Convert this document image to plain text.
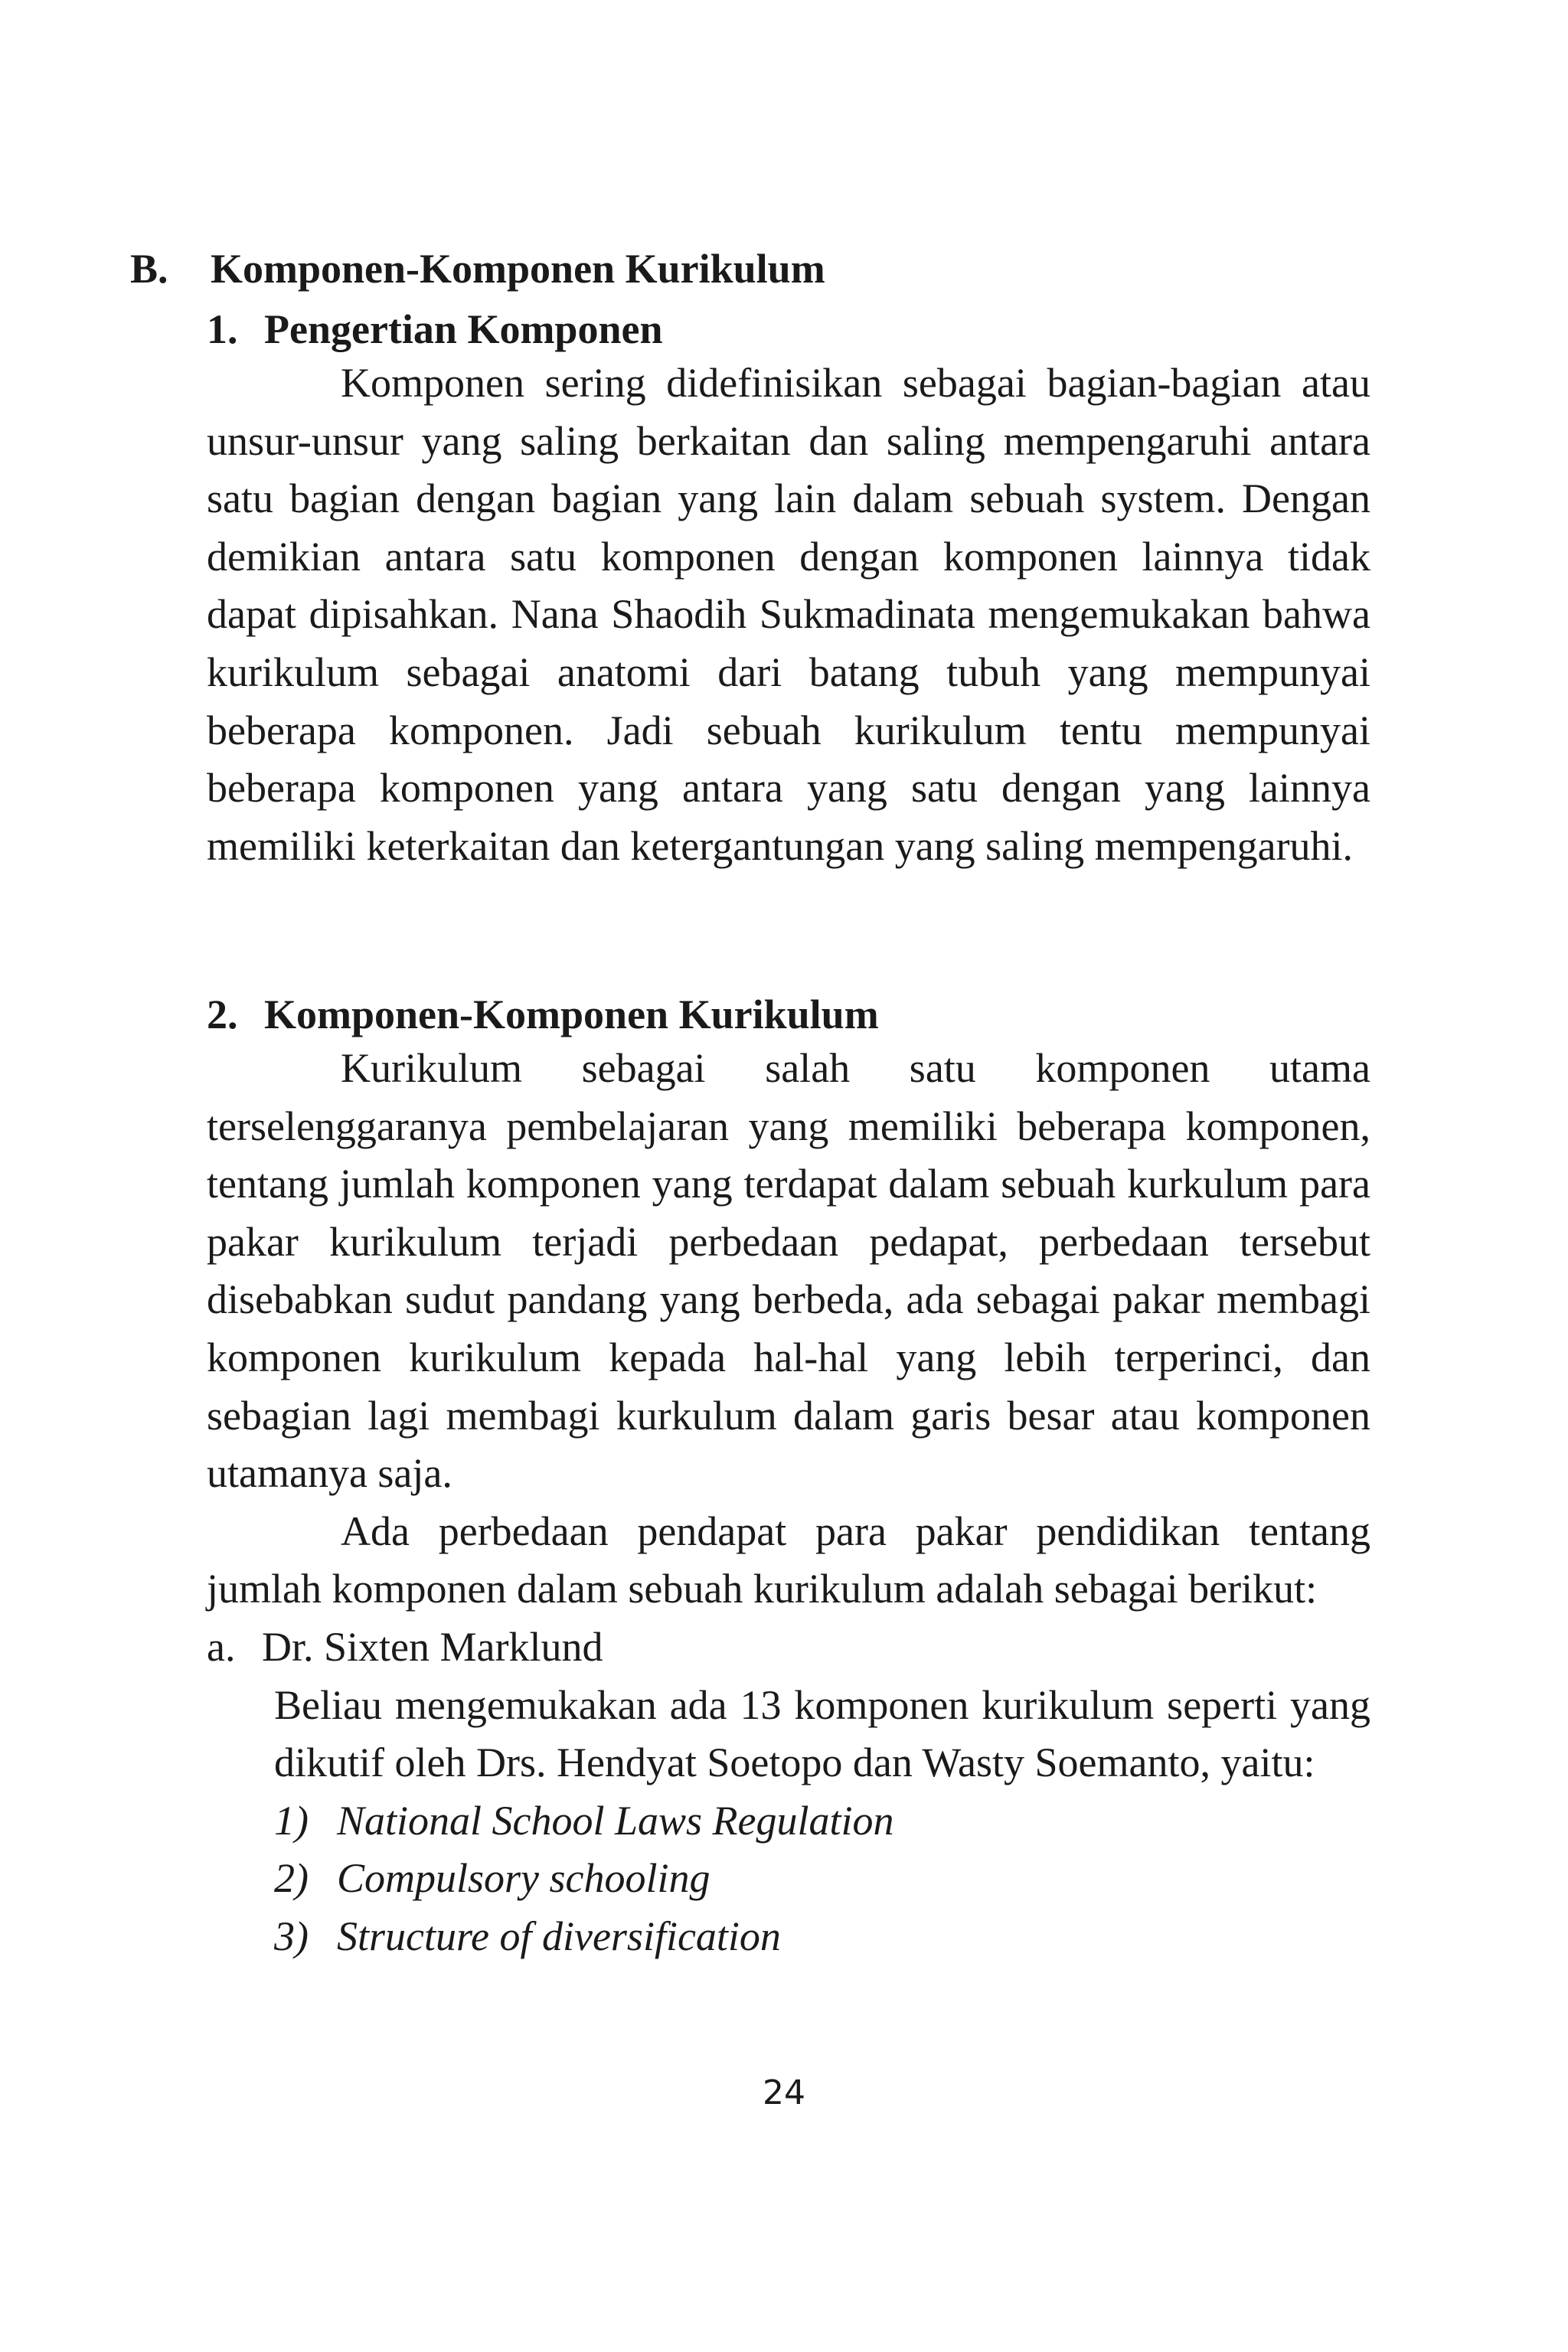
B. Komponen-Komponen Kurikulum
1. Pengertian Komponen

Komponen sering didefinisikan sebagai bagian-bagian atau unsur-unsur yang saling berkaitan dan saling mempengaruhi antara satu bagian dengan bagian yang lain dalam sebuah system. Dengan demikian antara satu komponen dengan komponen lainnya tidak dapat dipisahkan. Nana Shaodih Sukmadinata mengemukakan bahwa kurikulum sebagai anatomi dari batang tubuh yang mempunyai beberapa komponen. Jadi sebuah kurikulum tentu mempunyai beberapa komponen yang antara yang satu dengan yang lainnya memiliki keterkaitan dan ketergantungan yang saling mempengaruhi.

2. Komponen-Komponen Kurikulum

Kurikulum sebagai salah satu komponen utama terselenggaranya pembelajaran yang memiliki beberapa komponen, tentang jumlah komponen yang terdapat dalam sebuah kurkulum para pakar kurikulum terjadi perbedaan pedapat, perbedaan tersebut disebabkan sudut pandang yang berbeda, ada sebagai pakar membagi komponen kurikulum kepada hal-hal yang lebih terperinci, dan sebagian lagi membagi kurkulum dalam garis besar atau komponen utamanya saja.

Ada perbedaan pendapat para pakar pendidikan tentang jumlah komponen dalam sebuah kurikulum adalah sebagai berikut:

a. Dr. Sixten Marklund

Beliau mengemukakan ada 13 komponen kurikulum seperti yang dikutif oleh Drs. Hendyat Soetopo dan Wasty Soemanto, yaitu:

1) National School Laws Regulation
2) Compulsory schooling
3) Structure of diversification
24
